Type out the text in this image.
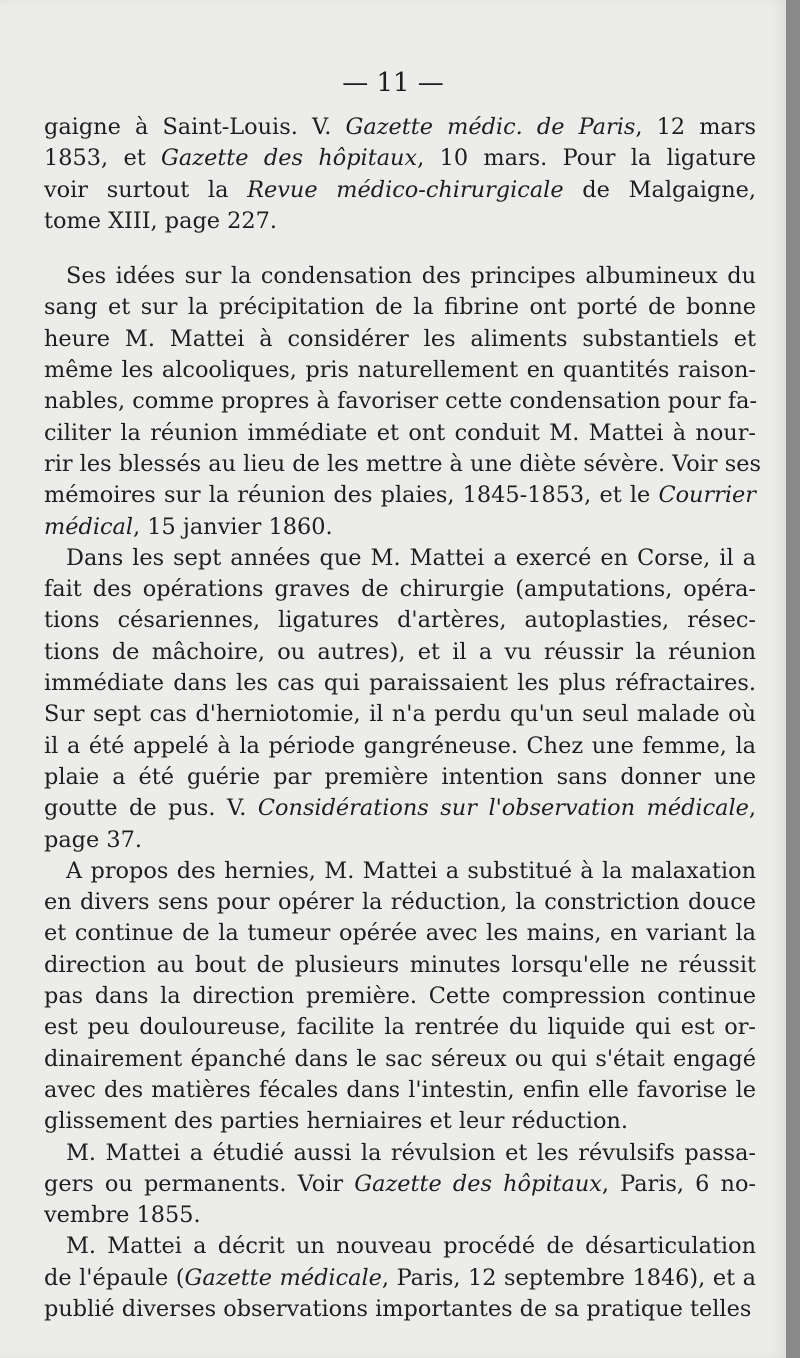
— 11 —
gaigne à Saint-Louis. V. Gazette médic. de Paris, 12 mars
1853, et Gazette des hôpitaux, 10 mars. Pour la ligature
voir surtout la Revue médico-chirurgicale de Malgaigne,
tome XIII, page 227.
Ses idées sur la condensation des principes albumineux du
sang et sur la précipitation de la fibrine ont porté de bonne
heure M. Mattei à considérer les aliments substantiels et
même les alcooliques, pris naturellement en quantités raison-
nables, comme propres à favoriser cette condensation pour fa-
ciliter la réunion immédiate et ont conduit M. Mattei à nour-
rir les blessés au lieu de les mettre à une diète sévère. Voir ses
mémoires sur la réunion des plaies, 1845-1853, et le Courrier
médical, 15 janvier 1860.
Dans les sept années que M. Mattei a exercé en Corse, il a
fait des opérations graves de chirurgie (amputations, opéra-
tions césariennes, ligatures d'artères, autoplasties, résec-
tions de mâchoire, ou autres), et il a vu réussir la réunion
immédiate dans les cas qui paraissaient les plus réfractaires.
Sur sept cas d'herniotomie, il n'a perdu qu'un seul malade où
il a été appelé à la période gangréneuse. Chez une femme, la
plaie a été guérie par première intention sans donner une
goutte de pus. V. Considérations sur l'observation médicale,
page 37.
A propos des hernies, M. Mattei a substitué à la malaxation
en divers sens pour opérer la réduction, la constriction douce
et continue de la tumeur opérée avec les mains, en variant la
direction au bout de plusieurs minutes lorsqu'elle ne réussit
pas dans la direction première. Cette compression continue
est peu douloureuse, facilite la rentrée du liquide qui est or-
dinairement épanché dans le sac séreux ou qui s'était engagé
avec des matières fécales dans l'intestin, enfin elle favorise le
glissement des parties herniaires et leur réduction.
M. Mattei a étudié aussi la révulsion et les révulsifs passa-
gers ou permanents. Voir Gazette des hôpitaux, Paris, 6 no-
vembre 1855.
M. Mattei a décrit un nouveau procédé de désarticulation
de l'épaule (Gazette médicale, Paris, 12 septembre 1846), et a
publié diverses observations importantes de sa pratique telles
